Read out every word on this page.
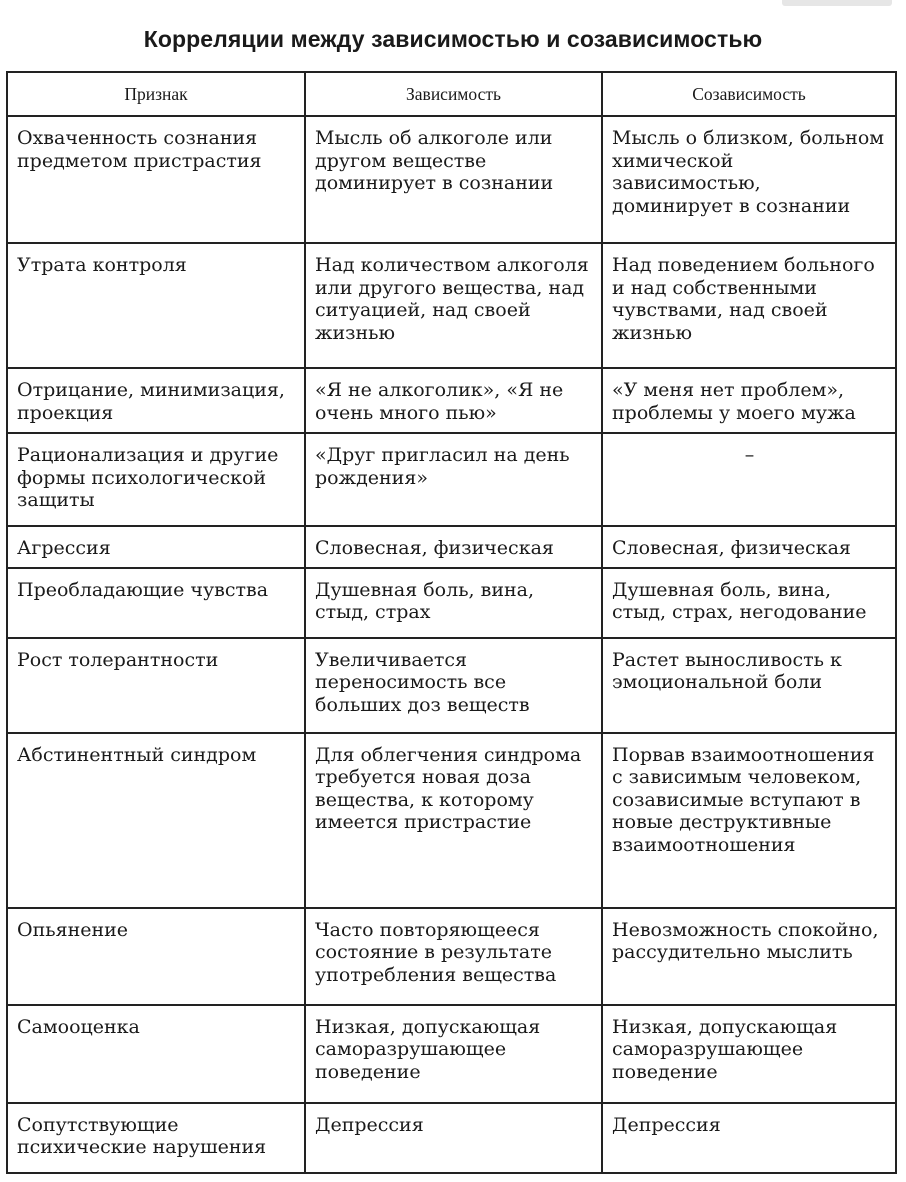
Корреляции между зависимостью и созависимостью
Признак	Зависимость	Созависимость
Охваченность сознания предметом пристрастия	Мысль об алкоголе или другом веществе доминирует в сознании	Мысль о близком, больном химической зависимостью, доминирует в сознании
Утрата контроля	Над количеством алкоголя или другого вещества, над ситуацией, над своей жизнью	Над поведением больного и над собственными чувствами, над своей жизнью
Отрицание, минимизация, проекция	«Я не алкоголик», «Я не очень много пью»	«У меня нет проблем», проблемы у моего мужа
Рационализация и другие формы психологической защиты	«Друг пригласил на день рождения»	–
Агрессия	Словесная, физическая	Словесная, физическая
Преобладающие чувства	Душевная боль, вина, стыд, страх	Душевная боль, вина, стыд, страх, негодование
Рост толерантности	Увеличивается переносимость все больших доз веществ	Растет выносливость к эмоциональной боли
Абстинентный синдром	Для облегчения синдрома требуется новая доза вещества, к которому имеется пристрастие	Порвав взаимоотношения с зависимым человеком, созависимые вступают в новые деструктивные взаимоотношения
Опьянение	Часто повторяющееся состояние в результате употребления вещества	Невозможность спокойно, рассудительно мыслить
Самооценка	Низкая, допускающая саморазрушающее поведение	Низкая, допускающая саморазрушающее поведение
Сопутствующие психические нарушения	Депрессия	Депрессия
